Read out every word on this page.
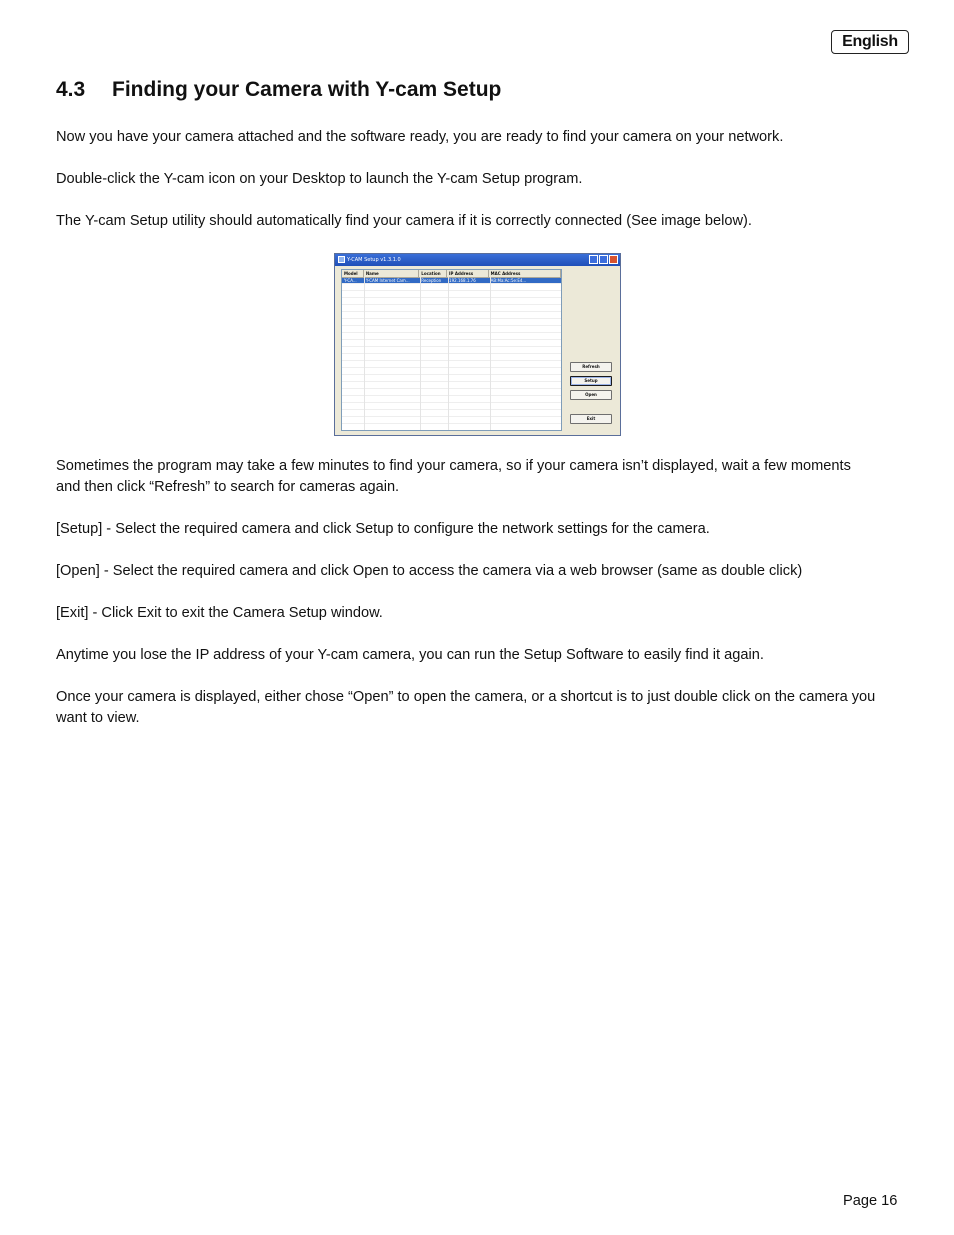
English
4.3 Finding your Camera with Y-cam Setup

Now you have your camera attached and the software ready, you are ready to find your camera on your network.

Double-click the Y-cam icon on your Desktop to launch the Y-cam Setup program.

The Y-cam Setup utility should automatically find your camera if it is correctly connected (See image below).

Y-CAM Setup v1.3.1.0
Model	Name	Location	IP Address	MAC Address
Y-CA...	Y-CAM Internet Cam...	Reception	192.168.1.76	AB:Ma:Ac:5e:E4...
Refresh
Setup
Open
Exit

Sometimes the program may take a few minutes to find your camera, so if your camera isn’t displayed, wait a few moments and then click “Refresh” to search for cameras again.

[Setup] - Select the required camera and click Setup to configure the network settings for the camera.

[Open] - Select the required camera and click Open to access the camera via a web browser (same as double click)

[Exit] - Click Exit to exit the Camera Setup window.

Anytime you lose the IP address of your Y-cam camera, you can run the Setup Software to easily find it again.

Once your camera is displayed, either chose “Open” to open the camera, or a shortcut is to just double click on the camera you want to view.

Page 16
